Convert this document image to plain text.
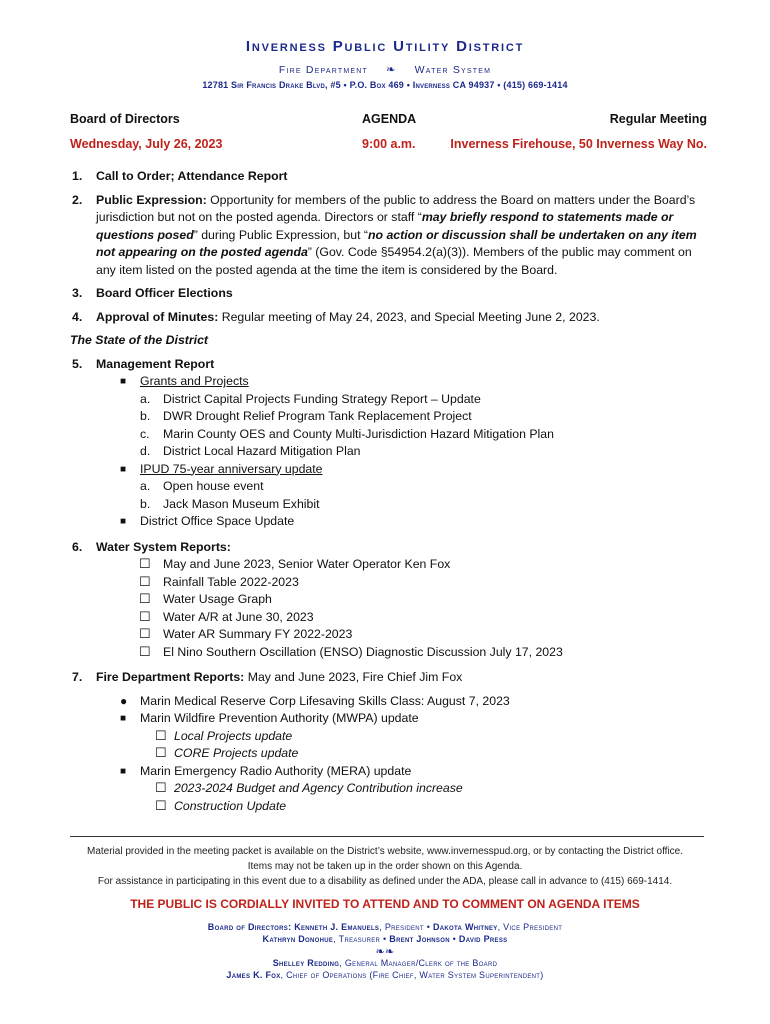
Inverness Public Utility District
Fire Department ❧ Water System
12781 Sir Francis Drake Blvd, #5 • P.O. Box 469 • Inverness CA 94937 • (415) 669-1414
Board of Directors	AGENDA	Regular Meeting
Wednesday, July 26, 2023	9:00 a.m.	Inverness Firehouse, 50 Inverness Way No.
1. Call to Order; Attendance Report
2. Public Expression: Opportunity for members of the public to address the Board on matters under the Board’s jurisdiction but not on the posted agenda. Directors or staff “may briefly respond to statements made or questions posed” during Public Expression, but “no action or discussion shall be undertaken on any item not appearing on the posted agenda” (Gov. Code §54954.2(a)(3)). Members of the public may comment on any item listed on the posted agenda at the time the item is considered by the Board.
3. Board Officer Elections
4. Approval of Minutes: Regular meeting of May 24, 2023, and Special Meeting June 2, 2023.
The State of the District
5. Management Report
■ Grants and Projects
a. District Capital Projects Funding Strategy Report – Update
b. DWR Drought Relief Program Tank Replacement Project
c. Marin County OES and County Multi-Jurisdiction Hazard Mitigation Plan
d. District Local Hazard Mitigation Plan
■ IPUD 75-year anniversary update
a. Open house event
b. Jack Mason Museum Exhibit
■ District Office Space Update
6. Water System Reports:
☐ May and June 2023, Senior Water Operator Ken Fox
☐ Rainfall Table 2022-2023
☐ Water Usage Graph
☐ Water A/R at June 30, 2023
☐ Water AR Summary FY 2022-2023
☐ El Nino Southern Oscillation (ENSO) Diagnostic Discussion July 17, 2023
7. Fire Department Reports: May and June 2023, Fire Chief Jim Fox
● Marin Medical Reserve Corp Lifesaving Skills Class: August 7, 2023
■ Marin Wildfire Prevention Authority (MWPA) update
☐ Local Projects update
☐ CORE Projects update
■ Marin Emergency Radio Authority (MERA) update
☐ 2023-2024 Budget and Agency Contribution increase
☐ Construction Update
Material provided in the meeting packet is available on the District’s website, www.invernesspud.org, or by contacting the District office.
Items may not be taken up in the order shown on this Agenda.
For assistance in participating in this event due to a disability as defined under the ADA, please call in advance to (415) 669-1414.
THE PUBLIC IS CORDIALLY INVITED TO ATTEND AND TO COMMENT ON AGENDA ITEMS
Board of Directors: Kenneth J. Emanuels, President • Dakota Whitney, Vice President
Kathryn Donohue, Treasurer • Brent Johnson • David Press
❧❧
Shelley Redding, General Manager/Clerk of the Board
James K. Fox, Chief of Operations (Fire Chief, Water System Superintendent)
